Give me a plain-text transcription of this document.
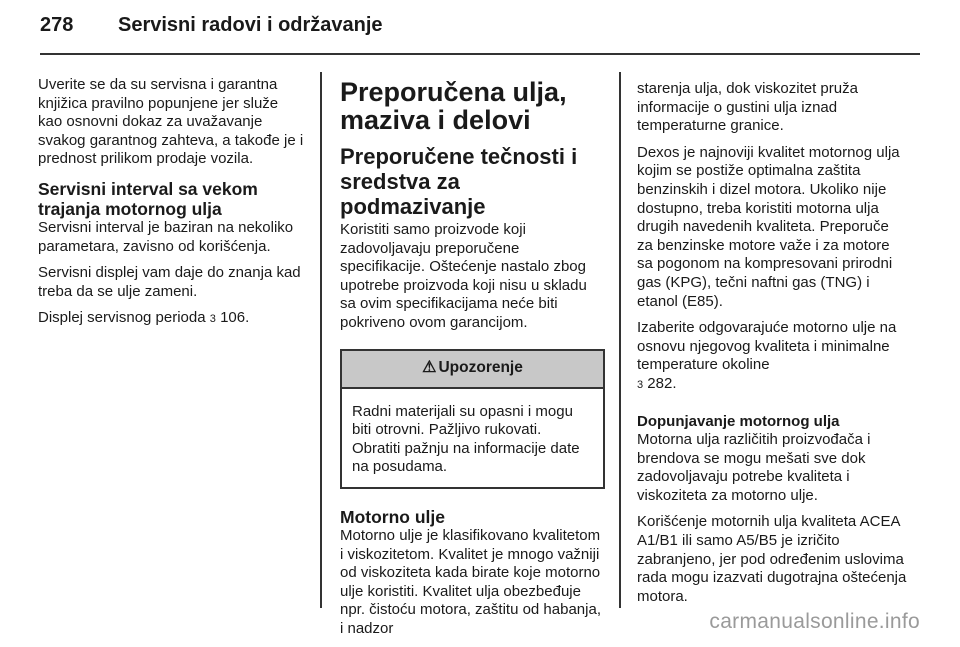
278	Servisni radovi i održavanje

Uverite se da su servisna i garantna knjižica pravilno popunjene jer služe kao osnovni dokaz za uvažavanje svakog garantnog zahteva, a takođe je i prednost prilikom prodaje vozila.

Servisni interval sa vekom trajanja motornog ulja

Servisni interval je baziran na nekoliko parametara, zavisno od korišćenja.

Servisni displej vam daje do znanja kad treba da se ulje zameni.

Displej servisnog perioda 3 106.

Preporučena ulja, maziva i delovi
Preporučene tečnosti i sredstva za podmazivanje

Koristiti samo proizvode koji zadovoljavaju preporučene specifikacije. Oštećenje nastalo zbog upotrebe proizvoda koji nisu u skladu sa ovim specifikacijama neće biti pokriveno ovom garancijom.

⚠ Upozorenje
Radni materijali su opasni i mogu biti otrovni. Pažljivo rukovati. Obratiti pažnju na informacije date na posudama.
Motorno ulje

Motorno ulje je klasifikovano kvalitetom i viskozitetom. Kvalitet je mnogo važniji od viskoziteta kada birate koje motorno ulje koristiti. Kvalitet ulja obezbeđuje npr. čistoću motora, zaštitu od habanja, i nadzor

starenja ulja, dok viskozitet pruža informacije o gustini ulja iznad temperaturne granice.

Dexos je najnoviji kvalitet motornog ulja kojim se postiže optimalna zaštita benzinskih i dizel motora. Ukoliko nije dostupno, treba koristiti motorna ulja drugih navedenih kvaliteta. Preporuče za benzinske motore važe i za motore sa pogonom na kompresovani prirodni gas (KPG), tečni naftni gas (TNG) i etanol (E85).

Izaberite odgovarajuće motorno ulje na osnovu njegovog kvaliteta i minimalne temperature okoline
3 282.

Dopunjavanje motornog ulja

Motorna ulja različitih proizvođača i brendova se mogu mešati sve dok zadovoljavaju potrebe kvaliteta i viskoziteta za motorno ulje.

Korišćenje motornih ulja kvaliteta ACEA A1/B1 ili samo A5/B5 je izričito zabranjeno, jer pod određenim uslovima rada mogu izazvati dugotrajna oštećenja motora.

carmanualsonline.info
